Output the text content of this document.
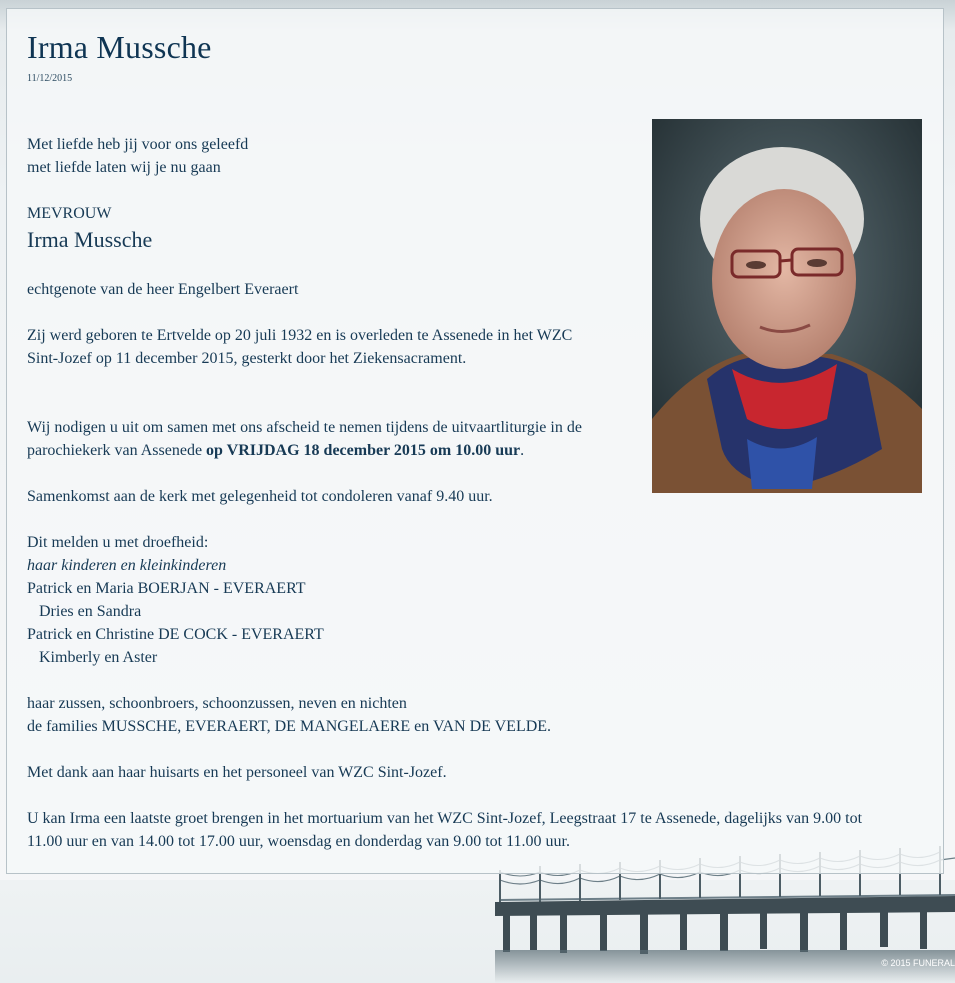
Irma Mussche
11/12/2015

Met liefde heb jij voor ons geleefd

met liefde laten wij je nu gaan

MEVROUW

Irma Mussche

echtgenote van de heer Engelbert Everaert

Zij werd geboren te Ertvelde op 20 juli 1932 en is overleden te Assenede in het WZC

Sint-Jozef op 11 december 2015, gesterkt door het Ziekensacrament.

Wij nodigen u uit om samen met ons afscheid te nemen tijdens de uitvaartliturgie in de

parochiekerk van Assenede op VRIJDAG 18 december 2015 om 10.00 uur.

Samenkomst aan de kerk met gelegenheid tot condoleren vanaf 9.40 uur.

Dit melden u met droefheid:

haar kinderen en kleinkinderen

Patrick en Maria BOERJAN - EVERAERT

Dries en Sandra

Patrick en Christine DE COCK - EVERAERT

Kimberly en Aster

haar zussen, schoonbroers, schoonzussen, neven en nichten

de families MUSSCHE, EVERAERT, DE MANGELAERE en VAN DE VELDE.

Met dank aan haar huisarts en het personeel van WZC Sint-Jozef.

U kan Irma een laatste groet brengen in het mortuarium van het WZC Sint-Jozef, Leegstraat 17 te Assenede, dagelijks van 9.00 tot

11.00 uur en van 14.00 tot 17.00 uur, woensdag en donderdag van 9.00 tot 11.00 uur.

© 2015 FUNERAL
